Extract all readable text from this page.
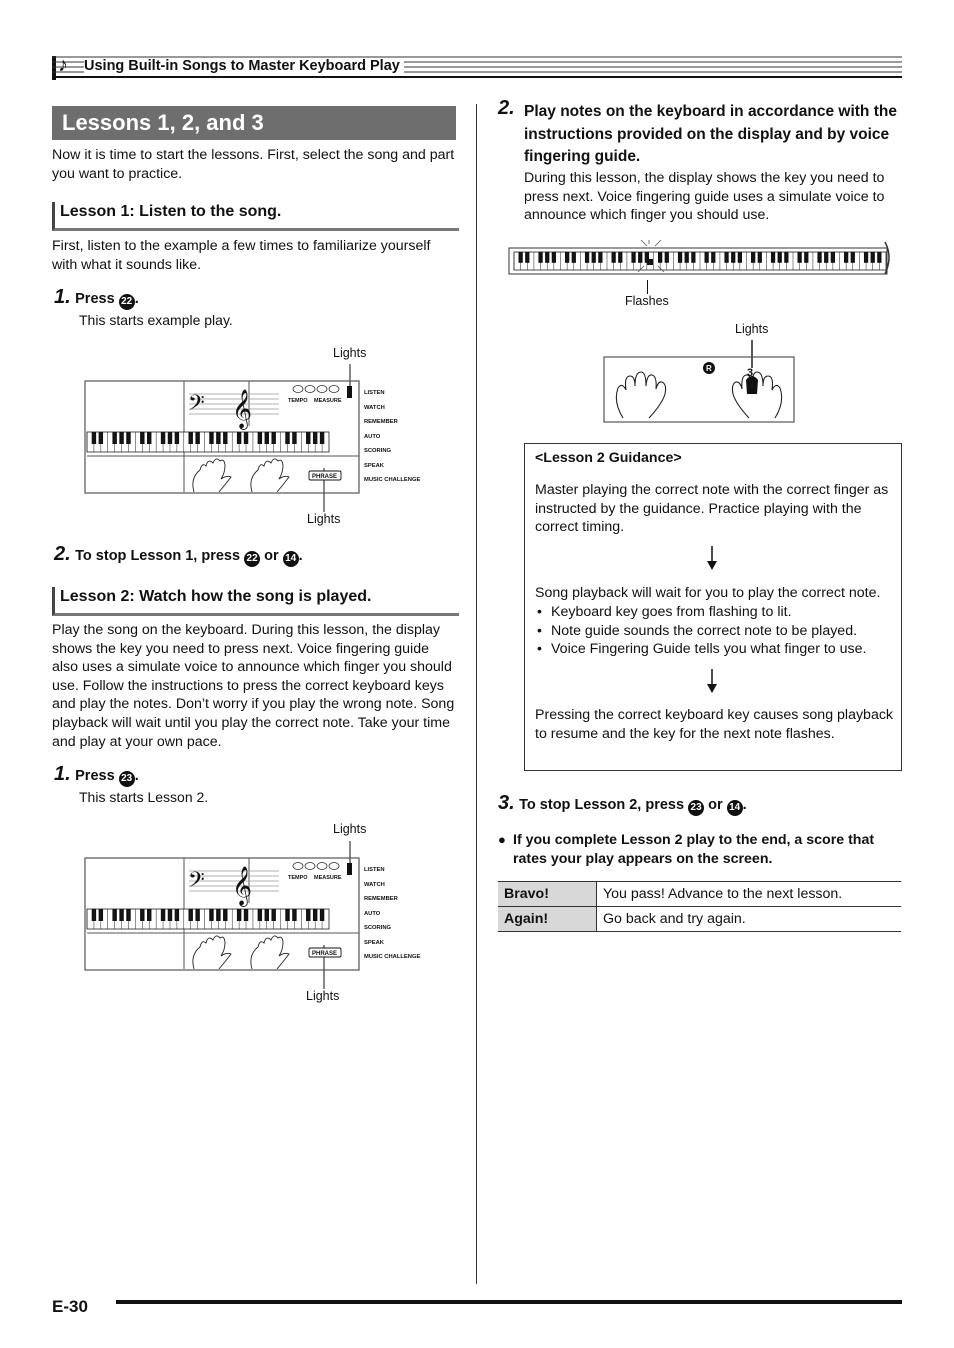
♪ Using Built-in Songs to Master Keyboard Play
Lessons 1, 2, and 3

Now it is time to start the lessons. First, select the song and part you want to practice.

Lesson 1: Listen to the song.

First, listen to the example a few times to familiarize yourself with what it sounds like.

1. Press 22 .
This starts example play.
Lights
Lights
𝄢 𝄞	TEMPO MEASURE
PHRASE
LISTEN
WATCH
REMEMBER
AUTO
SCORING
SPEAK
MUSIC CHALLENGE
2. To stop Lesson 1, press 22 or 14 .
Lesson 2: Watch how the song is played.

Play the song on the keyboard. During this lesson, the display shows the key you need to press next. Voice fingering guide also uses a simulate voice to announce which finger you should use. Follow the instructions to press the correct keyboard keys and play the notes. Don’t worry if you play the wrong note. Song playback will wait until you play the correct note. Take your time and play at your own pace.

1. Press 23 .
This starts Lesson 2.
Lights
Lights
𝄢 𝄞	TEMPO MEASURE
PHRASE
LISTEN
WATCH
REMEMBER
AUTO
SCORING
SPEAK
MUSIC CHALLENGE
2. Play notes on the keyboard in accordance with the instructions provided on the display and by voice fingering guide.

During this lesson, the display shows the key you need to press next. Voice fingering guide uses a simulate voice to announce which finger you should use.

Flashes
Lights
R	3
<Lesson 2 Guidance>
Master playing the correct note with the correct finger as instructed by the guidance. Practice playing with the correct timing.
Song playback will wait for you to play the correct note.
• Keyboard key goes from flashing to lit.
• Note guide sounds the correct note to be played.
• Voice Fingering Guide tells you what finger to use.
Pressing the correct keyboard key causes song playback to resume and the key for the next note flashes.
3. To stop Lesson 2, press 23 or 14 .
● If you complete Lesson 2 play to the end, a score that rates your play appears on the screen.
Bravo!	You pass! Advance to the next lesson.
Again!	Go back and try again.
E-30
